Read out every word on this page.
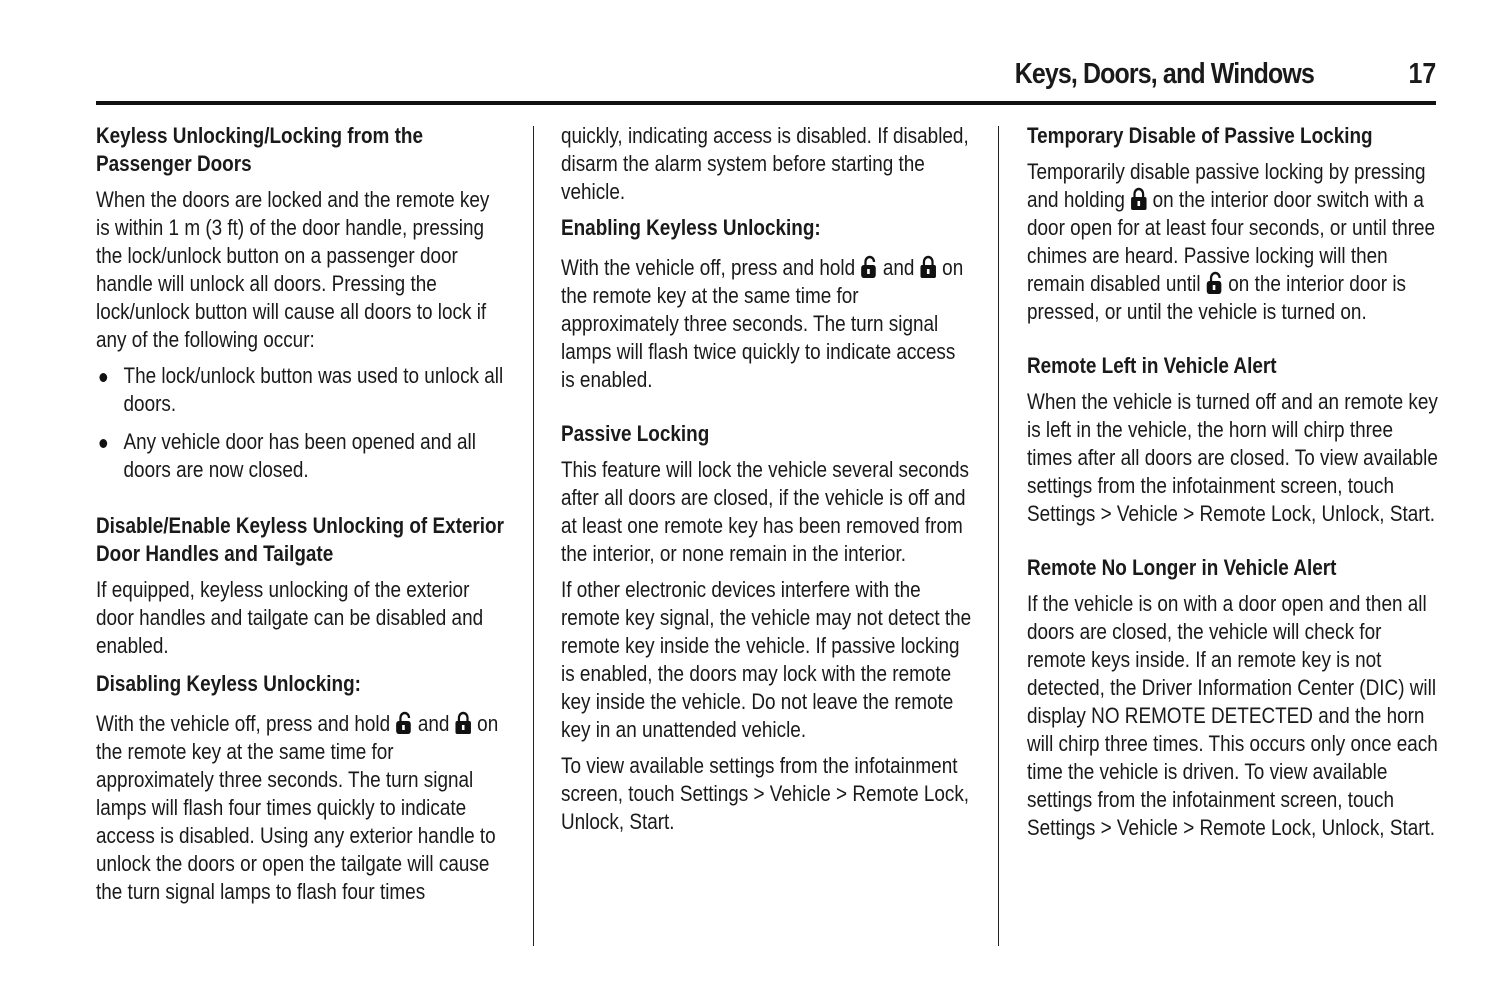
Keys, Doors, and Windows	17
Keyless Unlocking/Locking from the Passenger Doors
When the doors are locked and the remote key is within 1 m (3 ft) of the door handle, pressing the lock/unlock button on a passenger door handle will unlock all doors. Pressing the lock/unlock button will cause all doors to lock if any of the following occur:
The lock/unlock button was used to unlock all doors.
Any vehicle door has been opened and all doors are now closed.
Disable/Enable Keyless Unlocking of Exterior Door Handles and Tailgate
If equipped, keyless unlocking of the exterior door handles and tailgate can be disabled and enabled.
Disabling Keyless Unlocking:
With the vehicle off, press and hold and on the remote key at the same time for approximately three seconds. The turn signal lamps will flash four times quickly to indicate access is disabled. Using any exterior handle to unlock the doors or open the tailgate will cause the turn signal lamps to flash four times
quickly, indicating access is disabled. If disabled, disarm the alarm system before starting the vehicle.
Enabling Keyless Unlocking:
With the vehicle off, press and hold and on the remote key at the same time for approximately three seconds. The turn signal lamps will flash twice quickly to indicate access is enabled.
Passive Locking
This feature will lock the vehicle several seconds after all doors are closed, if the vehicle is off and at least one remote key has been removed from the interior, or none remain in the interior.
If other electronic devices interfere with the remote key signal, the vehicle may not detect the remote key inside the vehicle. If passive locking is enabled, the doors may lock with the remote key inside the vehicle. Do not leave the remote key in an unattended vehicle.
To view available settings from the infotainment screen, touch Settings > Vehicle > Remote Lock, Unlock, Start.
Temporary Disable of Passive Locking
Temporarily disable passive locking by pressing and holding on the interior door switch with a door open for at least four seconds, or until three chimes are heard. Passive locking will then remain disabled until on the interior door is pressed, or until the vehicle is turned on.
Remote Left in Vehicle Alert
When the vehicle is turned off and an remote key is left in the vehicle, the horn will chirp three times after all doors are closed. To view available settings from the infotainment screen, touch Settings > Vehicle > Remote Lock, Unlock, Start.
Remote No Longer in Vehicle Alert
If the vehicle is on with a door open and then all doors are closed, the vehicle will check for remote keys inside. If an remote key is not detected, the Driver Information Center (DIC) will display NO REMOTE DETECTED and the horn will chirp three times. This occurs only once each time the vehicle is driven. To view available settings from the infotainment screen, touch Settings > Vehicle > Remote Lock, Unlock, Start.
